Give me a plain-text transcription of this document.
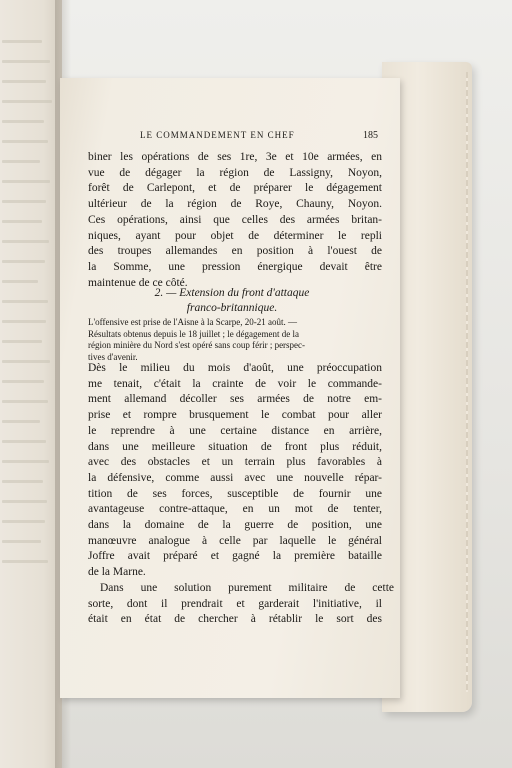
LE COMMANDEMENT EN CHEF	185
biner les opérations de ses 1re, 3e et 10e armées, en
vue de dégager la région de Lassigny, Noyon,
forêt de Carlepont, et de préparer le dégagement
ultérieur de la région de Roye, Chauny, Noyon.
Ces opérations, ainsi que celles des armées britan-
niques, ayant pour objet de déterminer le repli
des troupes allemandes en position à l'ouest de
la Somme, une pression énergique devait être
maintenue de ce côté.
2. — Extension du front d'attaque
franco-britannique.
L'offensive est prise de l'Aisne à la Scarpe, 20-21 août. —
Résultats obtenus depuis le 18 juillet ; le dégagement de la
région minière du Nord s'est opéré sans coup férir ; perspec-
tives d'avenir.
Dès le milieu du mois d'août, une préoccupation
me tenait, c'était la crainte de voir le commande-
ment allemand décoller ses armées de notre em-
prise et rompre brusquement le combat pour aller
le reprendre à une certaine distance en arrière,
dans une meilleure situation de front plus réduit,
avec des obstacles et un terrain plus favorables à
la défensive, comme aussi avec une nouvelle répar-
tition de ses forces, susceptible de fournir une
avantageuse contre-attaque, en un mot de tenter,
dans la domaine de la guerre de position, une
manœuvre analogue à celle par laquelle le général
Joffre avait préparé et gagné la première bataille
de la Marne.
Dans une solution purement militaire de cette
sorte, dont il prendrait et garderait l'initiative, il
était en état de chercher à rétablir le sort des
